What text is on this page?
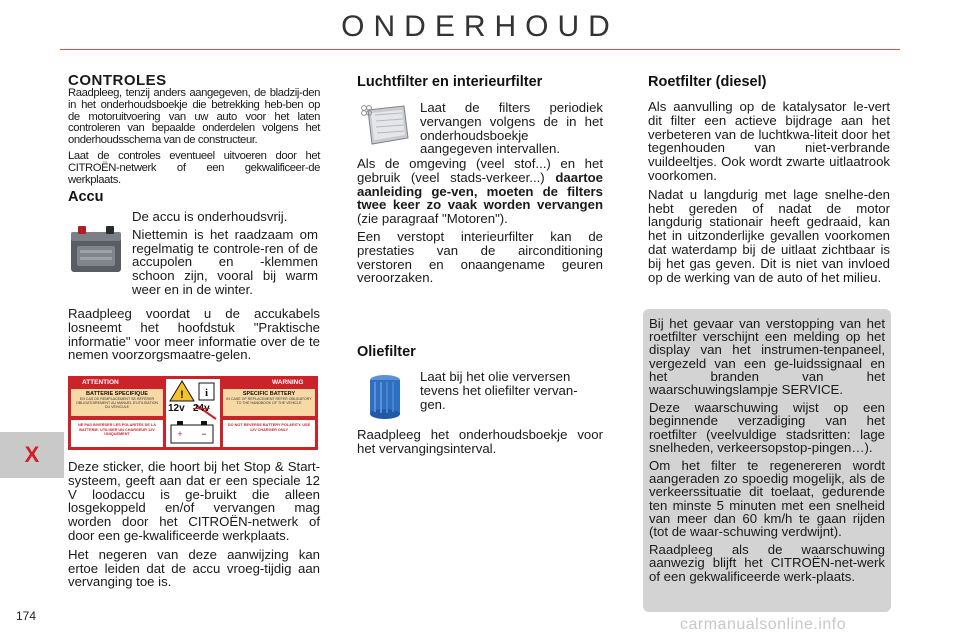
ONDERHOUD
X
CONTROLES

Raadpleeg, tenzij anders aangegeven, de bladzij-den in het onderhoudsboekje die betrekking heb-ben op de motoruitvoering van uw auto voor het laten controleren van bepaalde onderdelen volgens het onderhoudsschema van de constructeur.

Laat de controles eventueel uitvoeren door het CITROËN-netwerk of een gekwalificeer-de werkplaats.

Accu

De accu is onderhoudsvrij.

Niettemin is het raadzaam om regelmatig te controle-ren of de accupolen en -klemmen schoon zijn, vooral bij warm weer en in de winter.

Raadpleeg voordat u de accukabels losneemt het hoofdstuk "Praktische informatie" voor meer informatie over de te nemen voorzorgsmaatre-gelen.
ATTENTION	WARNING
BATTERIE SPECIFIQUE
EN CAS DE REMPLACEMENT SE RÉFÉRER OBLIGATOIREMENT AU MANUEL D'UTILISATION DU VÉHICULE
SPECIFIC BATTERY
IN CASE OF REPLACEMENT REFER OBLIGATORY TO THE HANDBOOK OF THE VEHICLE
NE PAS INVERSER LES POLARITÉS DE LA BATTERIE. UTILISER UN CHARGEUR 12V UNIQUEMENT
DO NOT REVERSE BATTERY POLARITY. USE 12V CHARGER ONLY
! i
+ −
12v 24v

Deze sticker, die hoort bij het Stop & Start-systeem, geeft aan dat er een speciale 12 V loodaccu is ge-bruikt die alleen losgekoppeld en/of vervangen mag worden door het CITROËN-netwerk of door een ge-kwalificeerde werkplaats.

Het negeren van deze aanwijzing kan ertoe leiden dat de accu vroeg-tijdig aan vervanging toe is.

Luchtfilter en interieurfilter
Laat de filters periodiek vervangen volgens de in het onderhoudsboekje aangegeven intervallen.

Als de omgeving (veel stof...) en het gebruik (veel stads-verkeer...) daartoe aanleiding ge-ven, moeten de filters twee keer zo vaak worden vervangen (zie paragraaf "Motoren").

Een verstopt interieurfilter kan de prestaties van de airconditioning verstoren en onaangename geuren veroorzaken.

Oliefilter
Laat bij het olie verversen tevens het oliefilter vervan-gen.
Raadpleeg het onderhoudsboekje voor het vervangingsinterval.
Roetfilter (diesel)

Als aanvulling op de katalysator le-vert dit filter een actieve bijdrage aan het verbeteren van de luchtkwa-liteit door het tegenhouden van niet-verbrande vuildeeltjes. Ook wordt zwarte uitlaatrook voorkomen.

Nadat u langdurig met lage snelhe-den hebt gereden of nadat de motor langdurig stationair heeft gedraaid, kan het in uitzonderlijke gevallen voorkomen dat waterdamp bij de uitlaat zichtbaar is bij het gas geven. Dit is niet van invloed op de werking van de auto of het milieu.

Bij het gevaar van verstopping van het roetfilter verschijnt een melding op het display van het instrumen-tenpaneel, vergezeld van een ge-luidssignaal en het branden van het waarschuwingslampje SERVICE.

Deze waarschuwing wijst op een beginnende verzadiging van het roetfilter (veelvuldige stadsritten: lage snelheden, verkeersopstop-pingen…).

Om het filter te regenereren wordt aangeraden zo spoedig mogelijk, als de verkeerssituatie dit toelaat, gedurende ten minste 5 minuten met een snelheid van meer dan 60 km/h te gaan rijden (tot de waar-schuwing verdwijnt).

Raadpleeg als de waarschuwing aanwezig blijft het CITROËN-net-werk of een gekwalificeerde werk-plaats.

174	carmanualsonline.info
